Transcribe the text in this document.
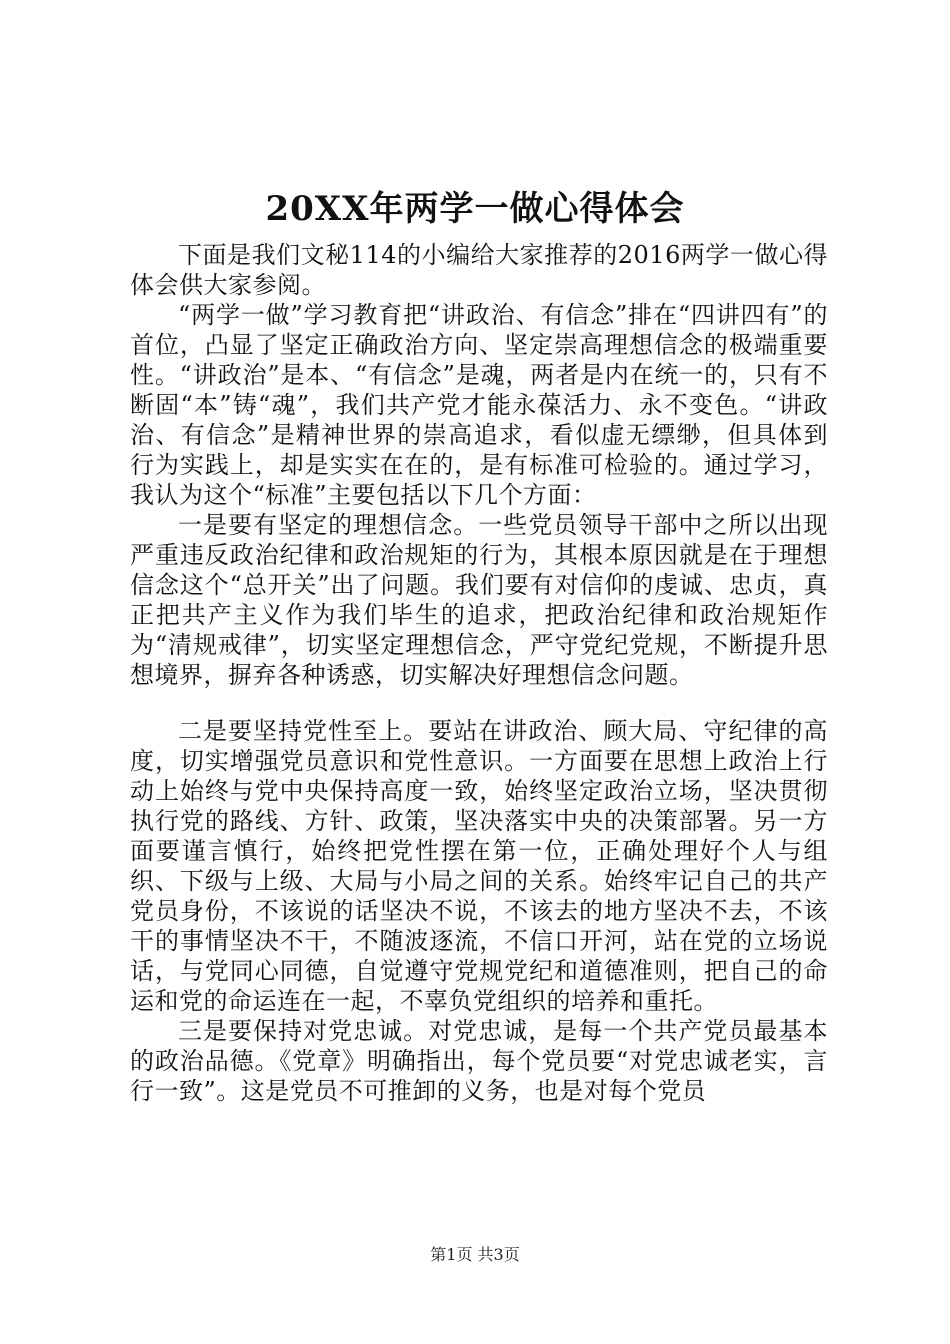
20XX年两学一做心得体会

下面是我们文秘114的小编给大家推荐的2016两学一做心得体会供大家参阅。

“两学一做”学习教育把“讲政治、有信念”排在“四讲四有”的首位，凸显了坚定正确政治方向、坚定崇高理想信念的极端重要性。“讲政治”是本、“有信念”是魂，两者是内在统一的，只有不断固“本”铸“魂”，我们共产党才能永葆活力、永不变色。“讲政治、有信念”是精神世界的崇高追求，看似虚无缥缈，但具体到行为实践上，却是实实在在的，是有标准可检验的。通过学习，我认为这个“标准”主要包括以下几个方面：

一是要有坚定的理想信念。一些党员领导干部中之所以出现严重违反政治纪律和政治规矩的行为，其根本原因就是在于理想信念这个“总开关”出了问题。我们要有对信仰的虔诚、忠贞，真正把共产主义作为我们毕生的追求，把政治纪律和政治规矩作为“清规戒律”，切实坚定理想信念，严守党纪党规，不断提升思想境界，摒弃各种诱惑，切实解决好理想信念问题。

二是要坚持党性至上。要站在讲政治、顾大局、守纪律的高度，切实增强党员意识和党性意识。一方面要在思想上政治上行动上始终与党中央保持高度一致，始终坚定政治立场，坚决贯彻执行党的路线、方针、政策，坚决落实中央的决策部署。另一方面要谨言慎行，始终把党性摆在第一位，正确处理好个人与组织、下级与上级、大局与小局之间的关系。始终牢记自己的共产党员身份，不该说的话坚决不说，不该去的地方坚决不去，不该干的事情坚决不干，不随波逐流，不信口开河，站在党的立场说话，与党同心同德，自觉遵守党规党纪和道德准则，把自己的命运和党的命运连在一起，不辜负党组织的培养和重托。

三是要保持对党忠诚。对党忠诚，是每一个共产党员最基本的政治品德。《党章》明确指出，每个党员要“对党忠诚老实，言行一致”。这是党员不可推卸的义务，也是对每个党员

第1页 共3页
